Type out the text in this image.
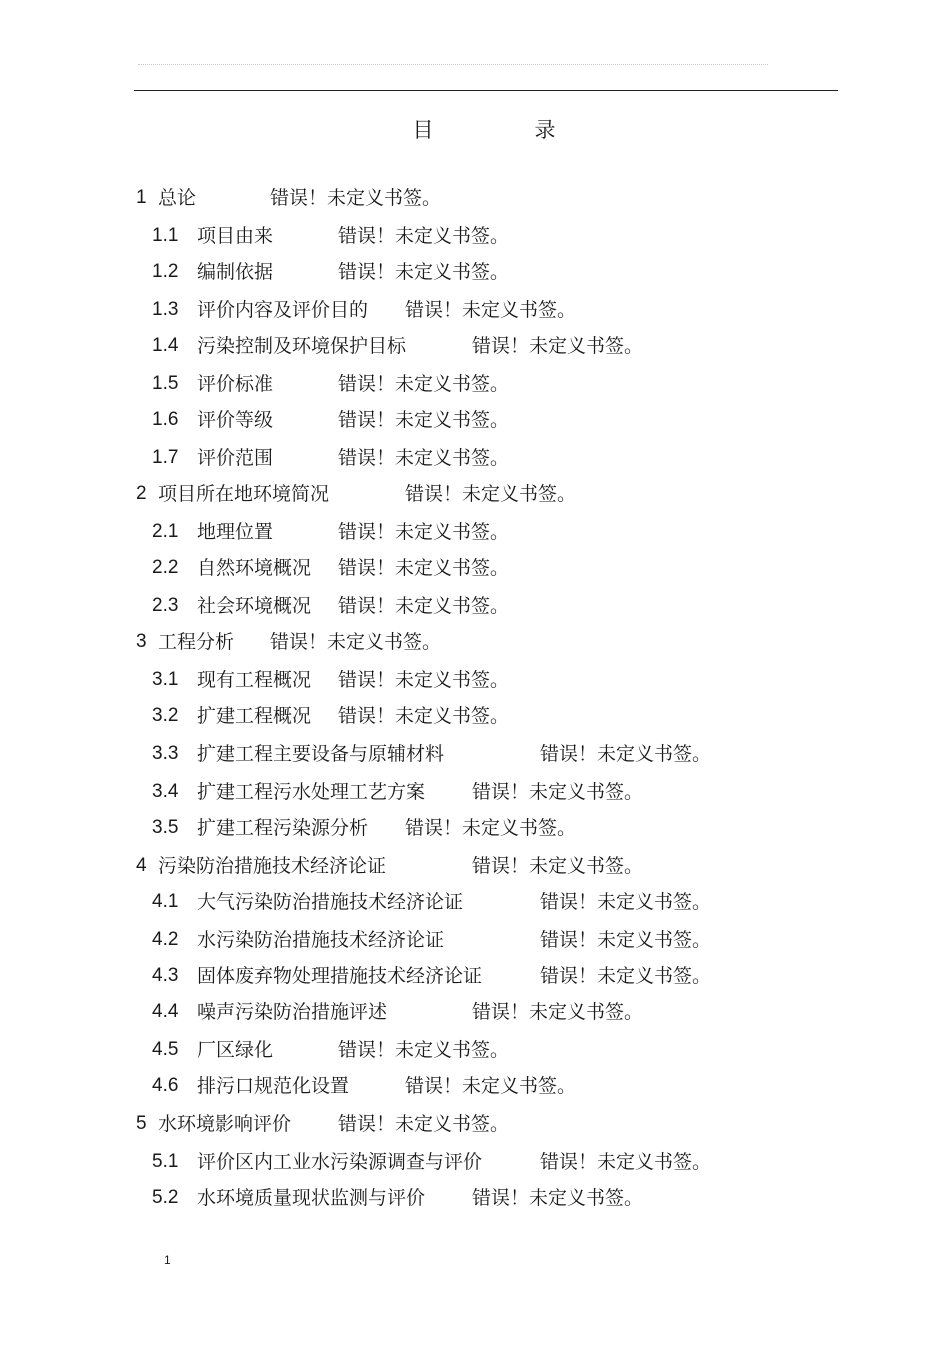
目　录
1 总论	错误！未定义书签。
1.1 项目由来	错误！未定义书签。
1.2 编制依据	错误！未定义书签。
1.3 评价内容及评价目的 错误！未定义书签。
1.4 污染控制及环境保护目标	错误！未定义书签。
1.5 评价标准	错误！未定义书签。
1.6 评价等级	错误！未定义书签。
1.7 评价范围	错误！未定义书签。
2 项目所在地环境简况	错误！未定义书签。
2.1 地理位置	错误！未定义书签。
2.2 自然环境概况 错误！未定义书签。
2.3 社会环境概况 错误！未定义书签。
3 工程分析 错误！未定义书签。
3.1 现有工程概况 错误！未定义书签。
3.2 扩建工程概况 错误！未定义书签。
3.3 扩建工程主要设备与原辅材料	错误！未定义书签。
3.4 扩建工程污水处理工艺方案 错误！未定义书签。
3.5 扩建工程污染源分析 错误！未定义书签。
4 污染防治措施技术经济论证	错误！未定义书签。
4.1 大气污染防治措施技术经济论证	错误！未定义书签。
4.2 水污染防治措施技术经济论证	错误！未定义书签。
4.3 固体废弃物处理措施技术经济论证	错误！未定义书签。
4.4 噪声污染防治措施评述	错误！未定义书签。
4.5 厂区绿化	错误！未定义书签。
4.6 排污口规范化设置	错误！未定义书签。
5 水环境影响评价 错误！未定义书签。
5.1 评价区内工业水污染源调查与评价	错误！未定义书签。
5.2 水环境质量现状监测与评价 错误！未定义书签。
1
